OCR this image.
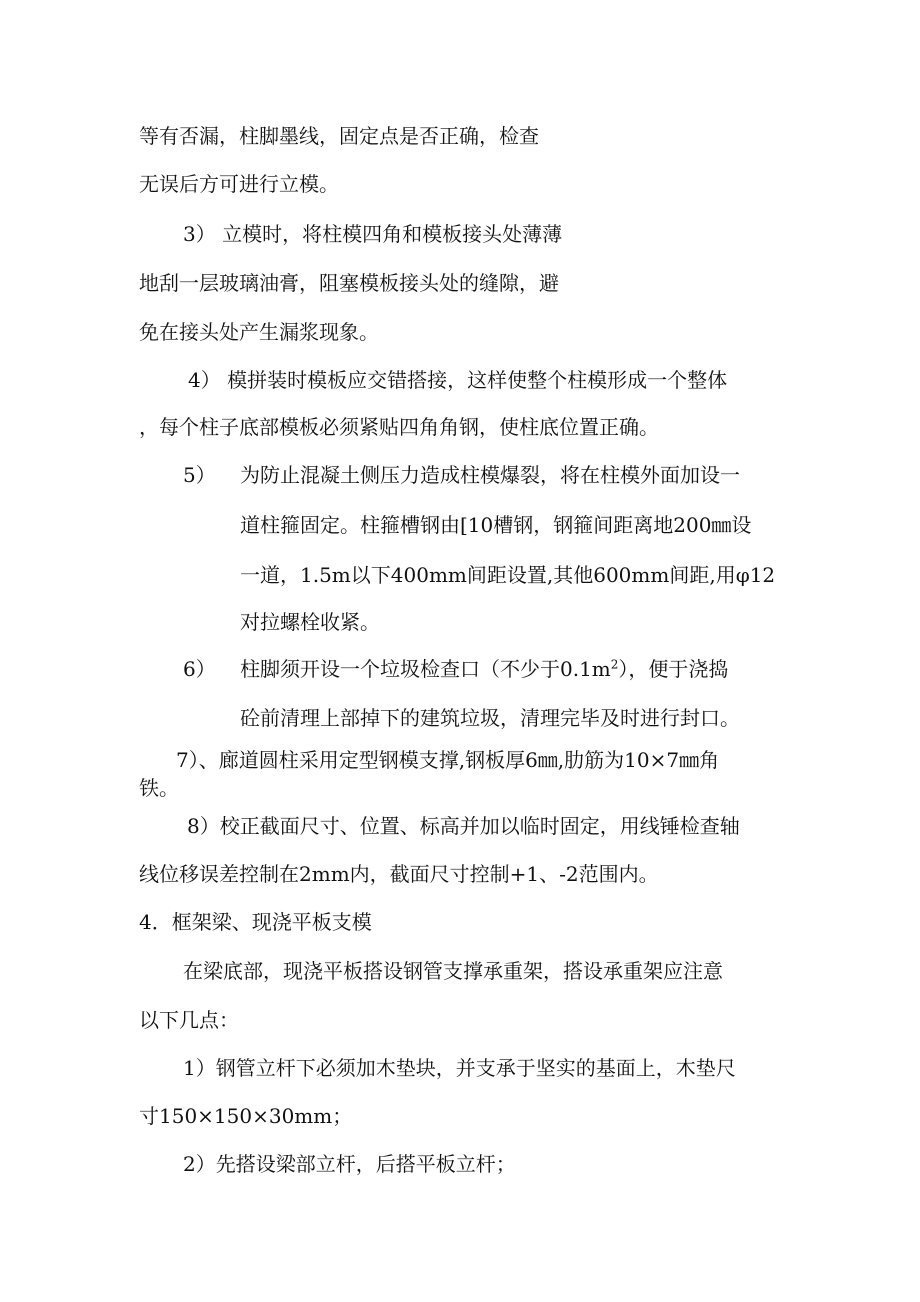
等有否漏，柱脚墨线，固定点是否正确，检查
无误后方可进行立模。
3） 立模时，将柱模四角和模板接头处薄薄
地刮一层玻璃油膏，阻塞模板接头处的缝隙，避
免在接头处产生漏浆现象。
4） 模拼装时模板应交错搭接，这样使整个柱模形成一个整体
，每个柱子底部模板必须紧贴四角角钢，使柱底位置正确。
5） 为防止混凝土侧压力造成柱模爆裂，将在柱模外面加设一
道柱箍固定。柱箍槽钢由[10槽钢，钢箍间距离地200㎜设
一道，1.5m以下400mm间距设置,其他600mm间距,用φ12
对拉螺栓收紧。
6） 柱脚须开设一个垃圾检查口（不少于$0.1m^2$），便于浇捣
砼前清理上部掉下的建筑垃圾，清理完毕及时进行封口。
7）、廊道圆柱采用定型钢模支撑,钢板厚6㎜,肋筋为10×7㎜角
铁。
8）校正截面尺寸、位置、标高并加以临时固定，用线锤检查轴
线位移误差控制在2mm内，截面尺寸控制+1、-2范围内。
4．框架梁、现浇平板支模
在梁底部，现浇平板搭设钢管支撑承重架，搭设承重架应注意
以下几点：
1）钢管立杆下必须加木垫块，并支承于坚实的基面上，木垫尺
寸150×150×30mm；
2）先搭设梁部立杆，后搭平板立杆；
